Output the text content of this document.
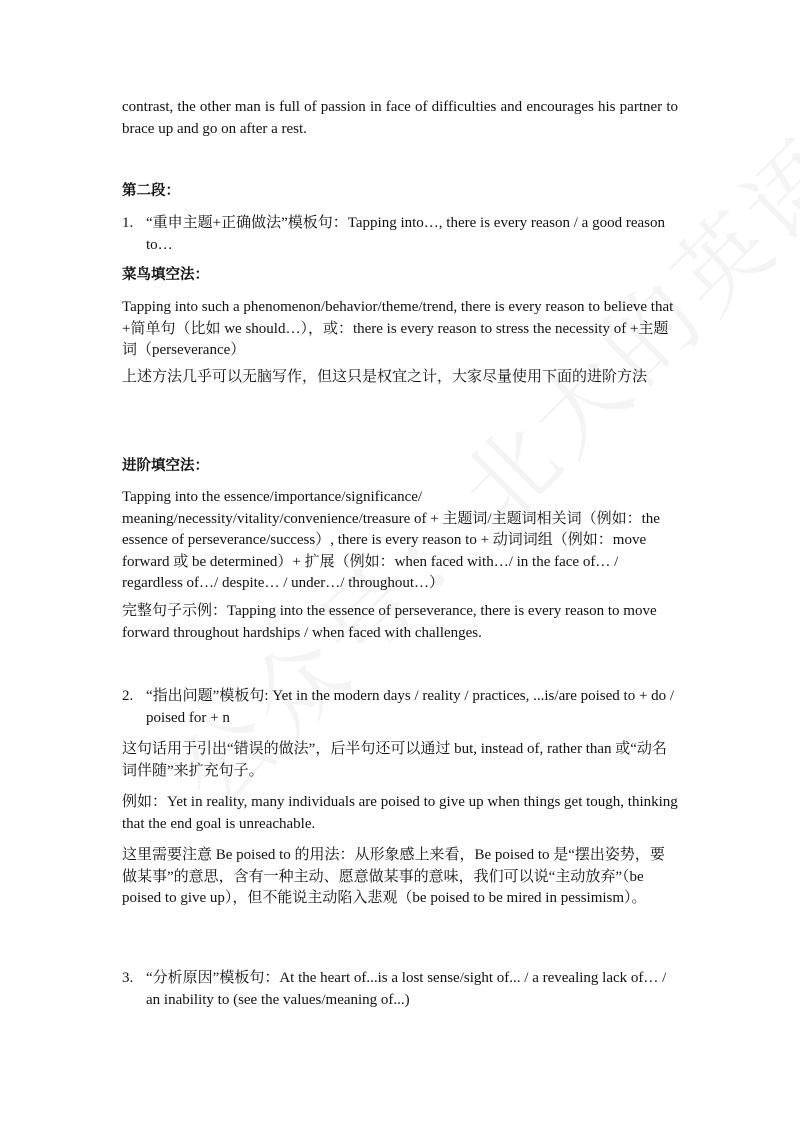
contrast, the other man is full of passion in face of difficulties and encourages his partner to brace up and go on after a rest.
第二段：
1. “重申主题+正确做法”模板句：Tapping into…, there is every reason / a good reason to…
菜鸟填空法：
Tapping into such a phenomenon/behavior/theme/trend, there is every reason to believe that +简单句（比如 we should…），或：there is every reason to stress the necessity of +主题词（perseverance）
上述方法几乎可以无脑写作，但这只是权宜之计，大家尽量使用下面的进阶方法
进阶填空法：
Tapping into the essence/importance/significance/
meaning/necessity/vitality/convenience/treasure of + 主题词/主题词相关词（例如：the essence of perseverance/success）, there is every reason to + 动词词组（例如：move forward 或 be determined）+ 扩展（例如：when faced with…/ in the face of… / regardless of…/ despite… / under…/ throughout…）
完整句子示例：Tapping into the essence of perseverance, there is every reason to move forward throughout hardships / when faced with challenges.
2. “指出问题”模板句: Yet in the modern days / reality / practices, ...is/are poised to + do / poised for + n
这句话用于引出“错误的做法”，后半句还可以通过 but, instead of, rather than 或“动名词伴随”来扩充句子。
例如：Yet in reality, many individuals are poised to give up when things get tough, thinking that the end goal is unreachable.
这里需要注意 Be poised to 的用法：从形象感上来看，Be poised to 是“摆出姿势，要做某事”的意思，含有一种主动、愿意做某事的意味，我们可以说“主动放弃”（be poised to give up），但不能说主动陷入悲观（be poised to be mired in pessimism）。
3. “分析原因”模板句：At the heart of...is a lost sense/sight of... / a revealing lack of… / an inability to (see the values/meaning of...)
